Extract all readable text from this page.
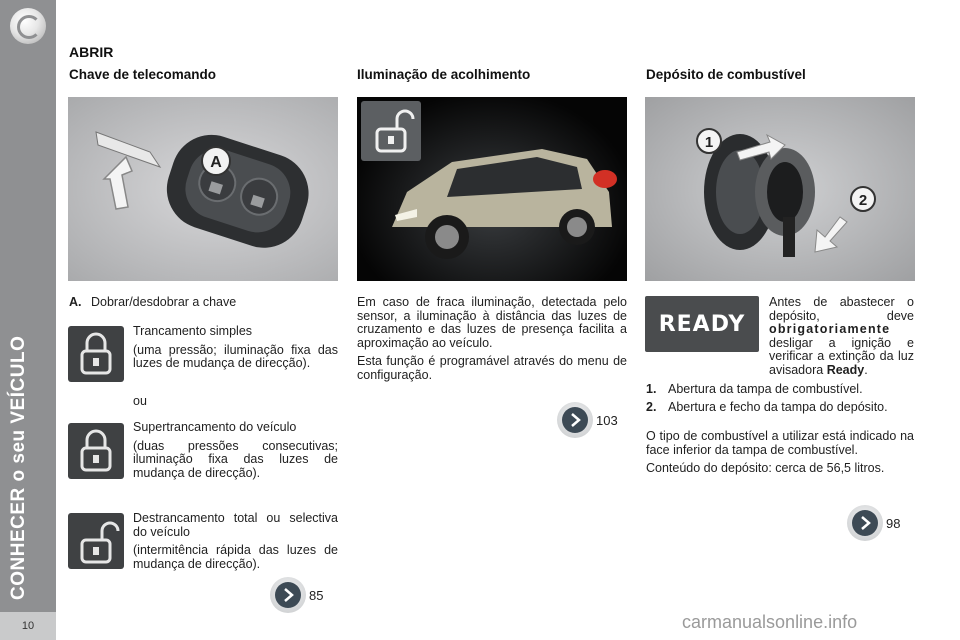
CONHECER o seu VEÍCULO
10
ABRIR
Chave de telecomando	Iluminação de acolhimento	Depósito de combustível
A
1
2
A. Dobrar/desdobrar a chave

Trancamento simples

(uma pressão; iluminação fixa das luzes de mudança de direcção).

ou

Supertrancamento do veículo

(duas pressões consecutivas; iluminação fixa das luzes de mudança de direcção).

Destrancamento total ou selectiva do veículo

(intermitência rápida das luzes de mudança de direcção).

85

Em caso de fraca iluminação, detectada pelo sensor, a iluminação à distância das luzes de cruzamento e das luzes de presença facilita a aproximação ao veículo.

Esta função é programável através do menu de configuração.

103
READY
Antes de abastecer o depósito, deve obrigatoriamente desligar a ignição e verificar a extinção da luz avisadora Ready.
1. Abertura da tampa de combustível.
2. Abertura e fecho da tampa do depósito.

O tipo de combustível a utilizar está indicado na face inferior da tampa de combustível.

Conteúdo do depósito: cerca de 56,5 litros.

98
carmanualsonline.info
